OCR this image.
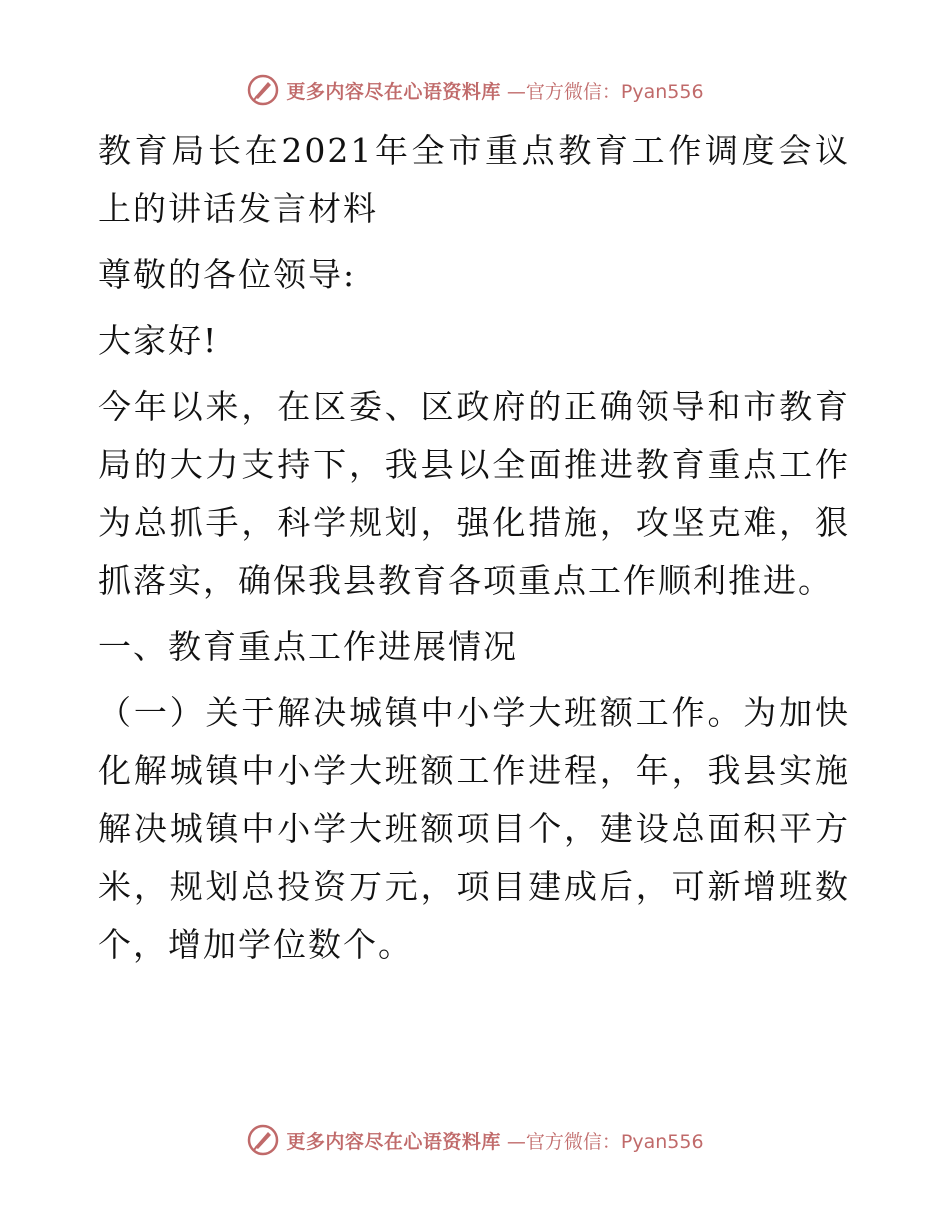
更多内容尽在心语资料库 —官方微信：Pyan556

教育局长在2021年全市重点教育工作调度会议上的讲话发言材料

尊敬的各位领导:

大家好!

今年以来，在区委、区政府的正确领导和市教育局的大力支持下，我县以全面推进教育重点工作为总抓手，科学规划，强化措施，攻坚克难，狠抓落实，确保我县教育各项重点工作顺利推进。

一、教育重点工作进展情况

（一）关于解决城镇中小学大班额工作。为加快化解城镇中小学大班额工作进程，年，我县实施解决城镇中小学大班额项目个，建设总面积平方米，规划总投资万元，项目建成后，可新增班数个，增加学位数个。

更多内容尽在心语资料库 —官方微信：Pyan556
